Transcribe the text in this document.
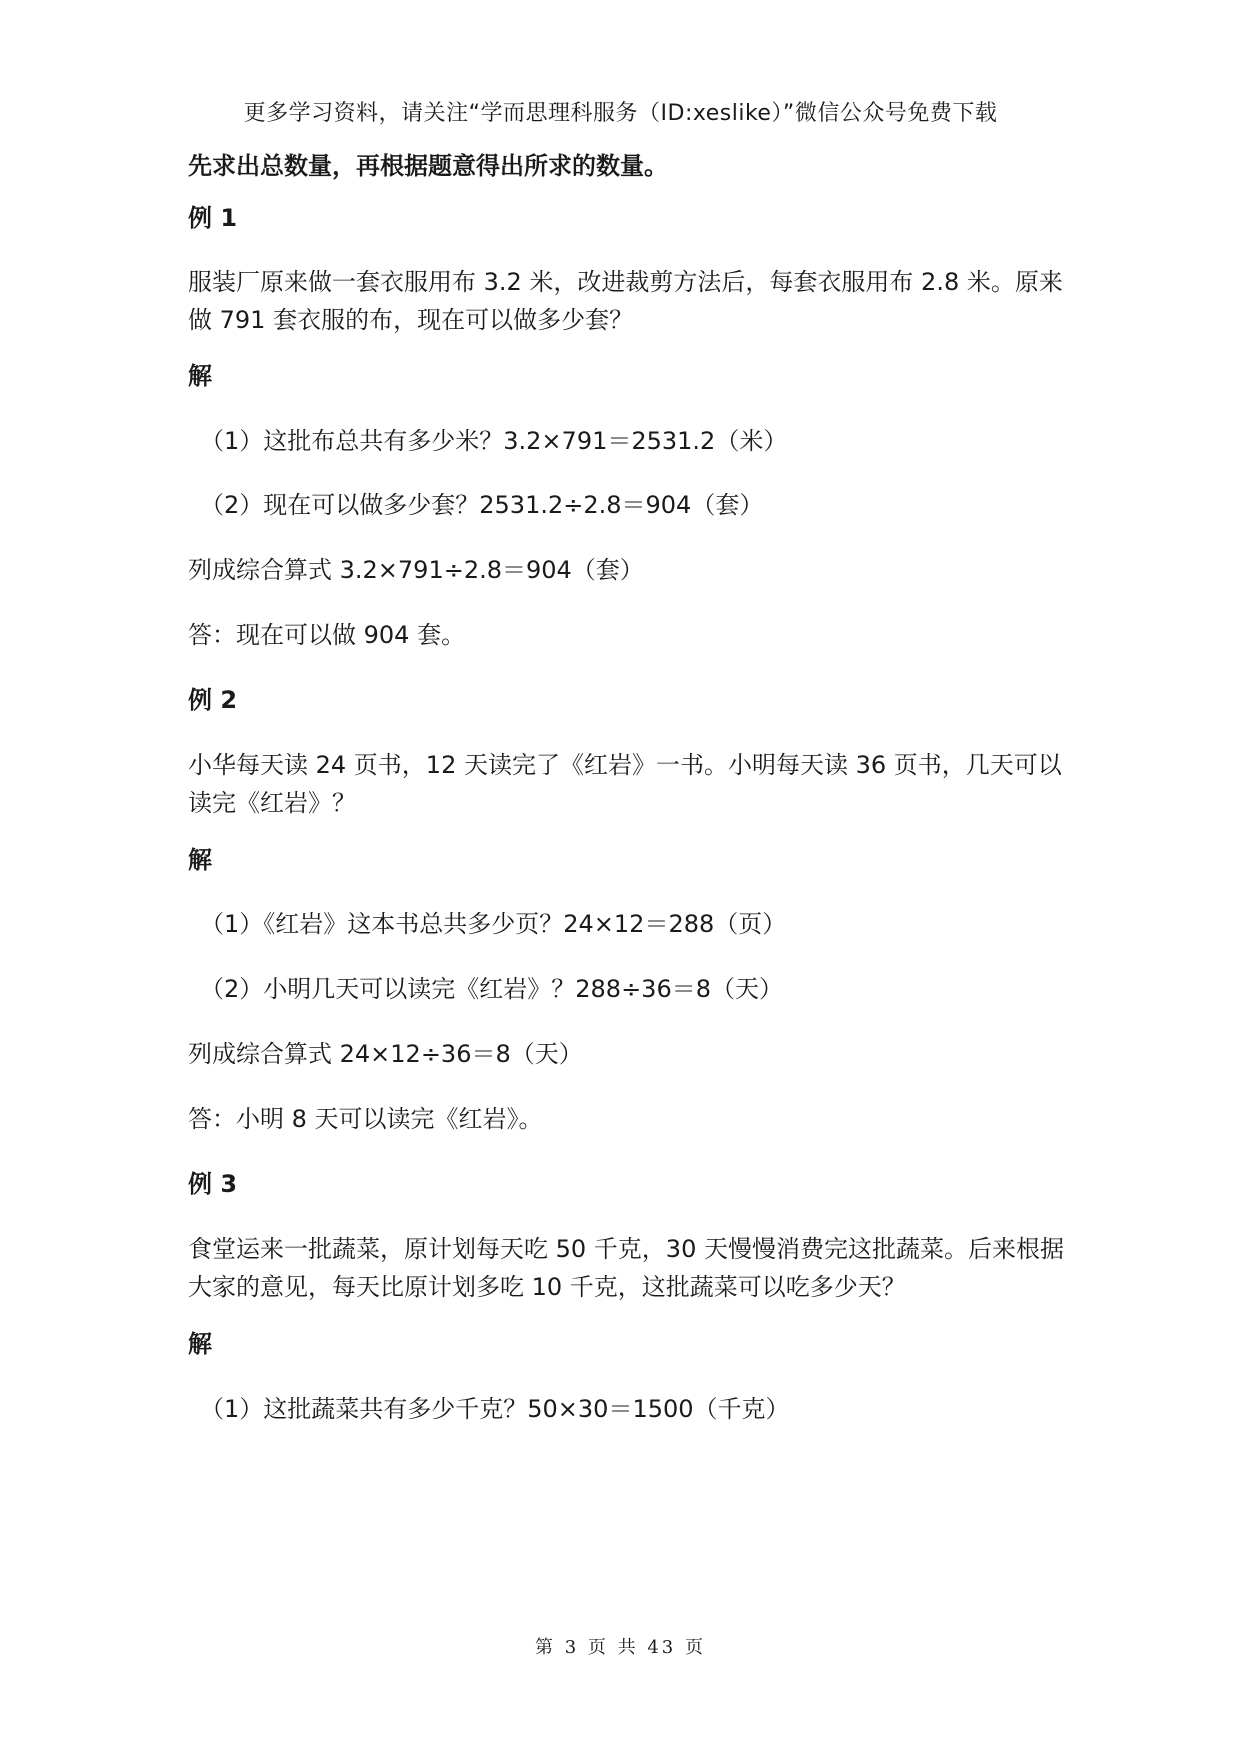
更多学习资料，请关注“学而思理科服务（ID:xeslike）”微信公众号免费下载
先求出总数量，再根据题意得出所求的数量。
例 1
服装厂原来做一套衣服用布 3.2 米，改进裁剪方法后，每套衣服用布 2.8 米。原来做 791 套衣服的布，现在可以做多少套？
解
（1）这批布总共有多少米？3.2×791＝2531.2（米）
（2）现在可以做多少套？2531.2÷2.8＝904（套）
列成综合算式 3.2×791÷2.8＝904（套）
答：现在可以做 904 套。
例 2
小华每天读 24 页书，12 天读完了《红岩》一书。小明每天读 36 页书，几天可以读完《红岩》？
解
（1）《红岩》这本书总共多少页？24×12＝288（页）
（2）小明几天可以读完《红岩》？288÷36＝8（天）
列成综合算式 24×12÷36＝8（天）
答：小明 8 天可以读完《红岩》。
例 3
食堂运来一批蔬菜，原计划每天吃 50 千克，30 天慢慢消费完这批蔬菜。后来根据大家的意见，每天比原计划多吃 10 千克，这批蔬菜可以吃多少天？
解
（1）这批蔬菜共有多少千克？50×30＝1500（千克）
第 3 页 共 43 页
